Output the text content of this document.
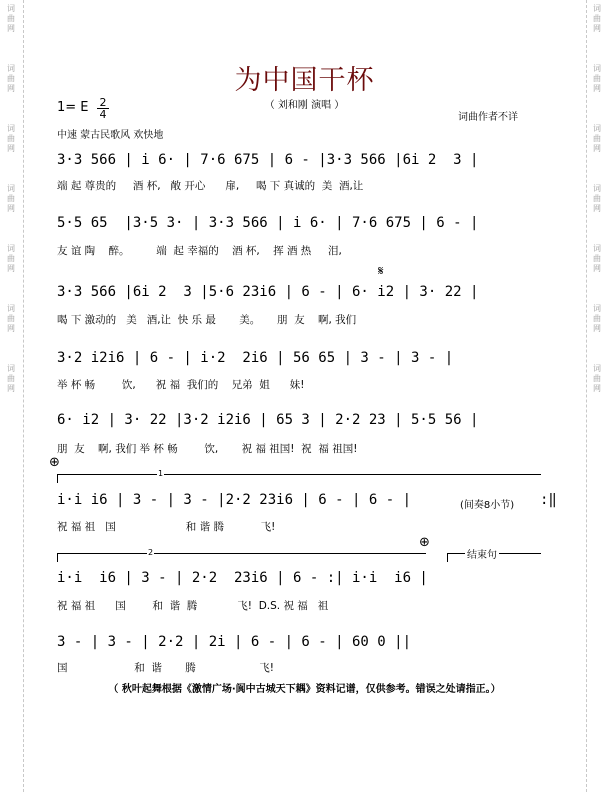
词
曲
网
词
曲
网
词
曲
网
词
曲
网
词
曲
网
词
曲
网
词
曲
网
词
曲
网
词
曲
网
词
曲
网
词
曲
网
词
曲
网
词
曲
网
词
曲
网
为中国干杯
（ 刘和刚 演唱 ）
1= E $\frac{2}{4}$	词曲作者不详
中速 蒙古民歌风 欢快地
3·3 566 | i 6· | 7·6 675 | 6 - |3·3 566 |6i 2  3 |
端 起 尊贵的     酒 杯,   敞 开心      扉,     喝 下 真诚的  美  酒,让
5·5 65  |3·5 3· | 3·3 566 | i 6· | 7·6 675 | 6 - |
友 谊 陶    醉。        端  起 幸福的    酒 杯,    挥 酒 热     泪,
𝄋
3·3 566 |6i 2  3 |5·6 23i6 | 6 - | 6· i2 | 3· 22 |
喝 下 激动的   美   酒,让  快 乐 最       美。     朋  友    啊, 我们
3·2 i2i6 | 6 - | i·2  2i6 | 56 65 | 3 - | 3 - |
举 杯 畅        饮,      祝 福  我们的    兄弟  姐      妹!
6· i2 | 3· 22 |3·2 i2i6 | 65 3 | 2·2 23 | 5·5 56 |
朋  友    啊, 我们 举 杯 畅        饮,       祝 福 祖国!  祝  福 祖国!
⊕
1
i·i i6 | 3 - | 3 - |2·2 23i6 | 6 - | 6 - |	(间奏8小节) :‖
祝 福 祖   国                     和 谐 腾           飞!
2
⊕
结束句
i·i  i6 | 3 - | 2·2  23i6 | 6 - :| i·i  i6 |
祝 福 祖      国        和  谐  腾            飞!  D.S. 祝 福   祖
3 - | 3 - | 2·2 | 2i | 6 - | 6 - | 60 0 ||
国                    和  谐       腾                   飞!
（ 秋叶起舞根据《激情广场·阆中古城天下耦》资料记谱，仅供参考。错误之处请指正。）
